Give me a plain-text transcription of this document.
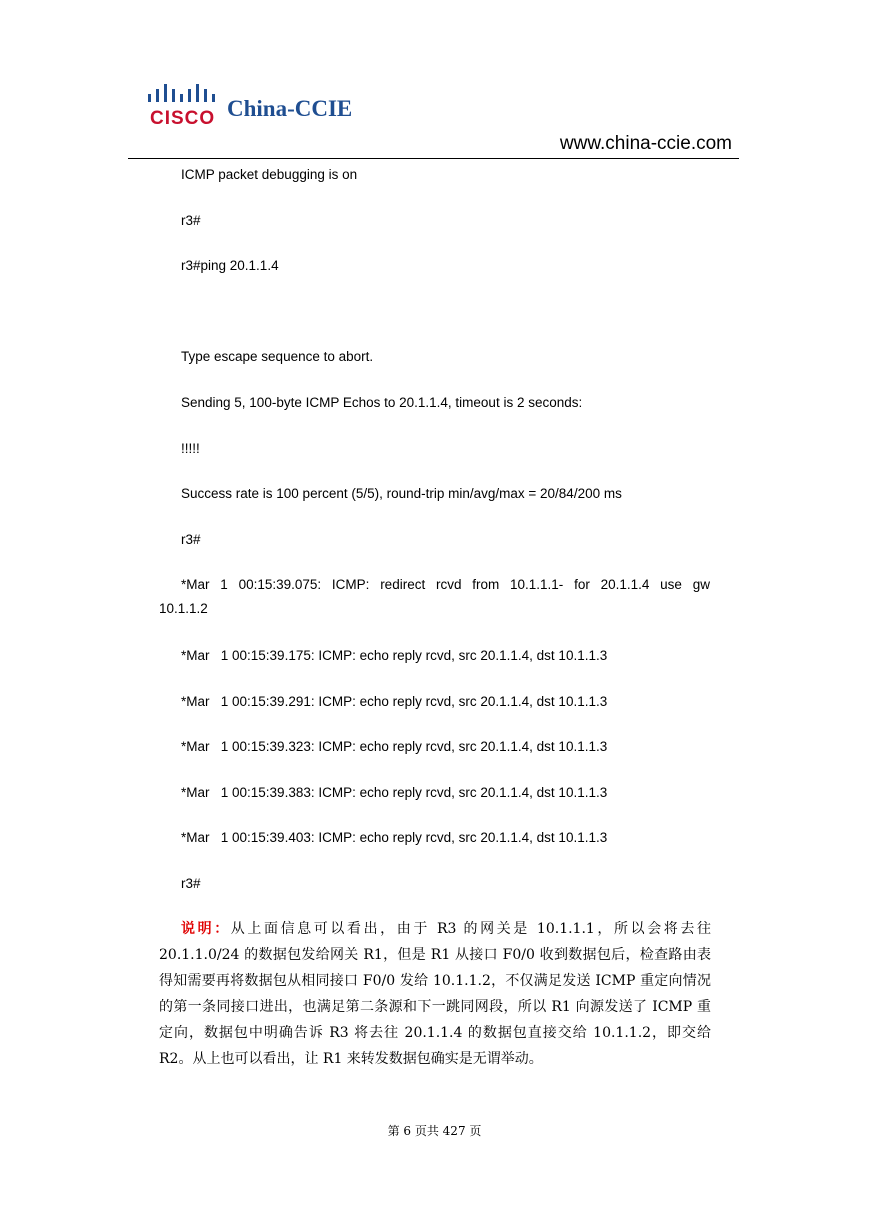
CISCO China-CCIE
www.china-ccie.com
ICMP packet debugging is on
r3#
r3#ping 20.1.1.4
Type escape sequence to abort.
Sending 5, 100-byte ICMP Echos to 20.1.1.4, timeout is 2 seconds:
!!!!!
Success rate is 100 percent (5/5), round-trip min/avg/max = 20/84/200 ms
r3#
*Mar 1 00:15:39.075: ICMP: redirect rcvd from 10.1.1.1- for 20.1.1.4 use gw
10.1.1.2
*Mar   1 00:15:39.175: ICMP: echo reply rcvd, src 20.1.1.4, dst 10.1.1.3
*Mar   1 00:15:39.291: ICMP: echo reply rcvd, src 20.1.1.4, dst 10.1.1.3
*Mar   1 00:15:39.323: ICMP: echo reply rcvd, src 20.1.1.4, dst 10.1.1.3
*Mar   1 00:15:39.383: ICMP: echo reply rcvd, src 20.1.1.4, dst 10.1.1.3
*Mar   1 00:15:39.403: ICMP: echo reply rcvd, src 20.1.1.4, dst 10.1.1.3
r3#
说明：从上面信息可以看出，由于 R3 的网关是 10.1.1.1，所以会将去往 20.1.1.0/24 的数据包发给网关 R1，但是 R1 从接口 F0/0 收到数据包后，检查路由表得知需要再将数据包从相同接口 F0/0 发给 10.1.1.2，不仅满足发送 ICMP 重定向情况的第一条同接口进出，也满足第二条源和下一跳同网段，所以 R1 向源发送了 ICMP 重定向，数据包中明确告诉 R3 将去往 20.1.1.4 的数据包直接交给 10.1.1.2，即交给 R2。从上也可以看出，让 R1 来转发数据包确实是无谓举动。
第 6 页共 427 页
